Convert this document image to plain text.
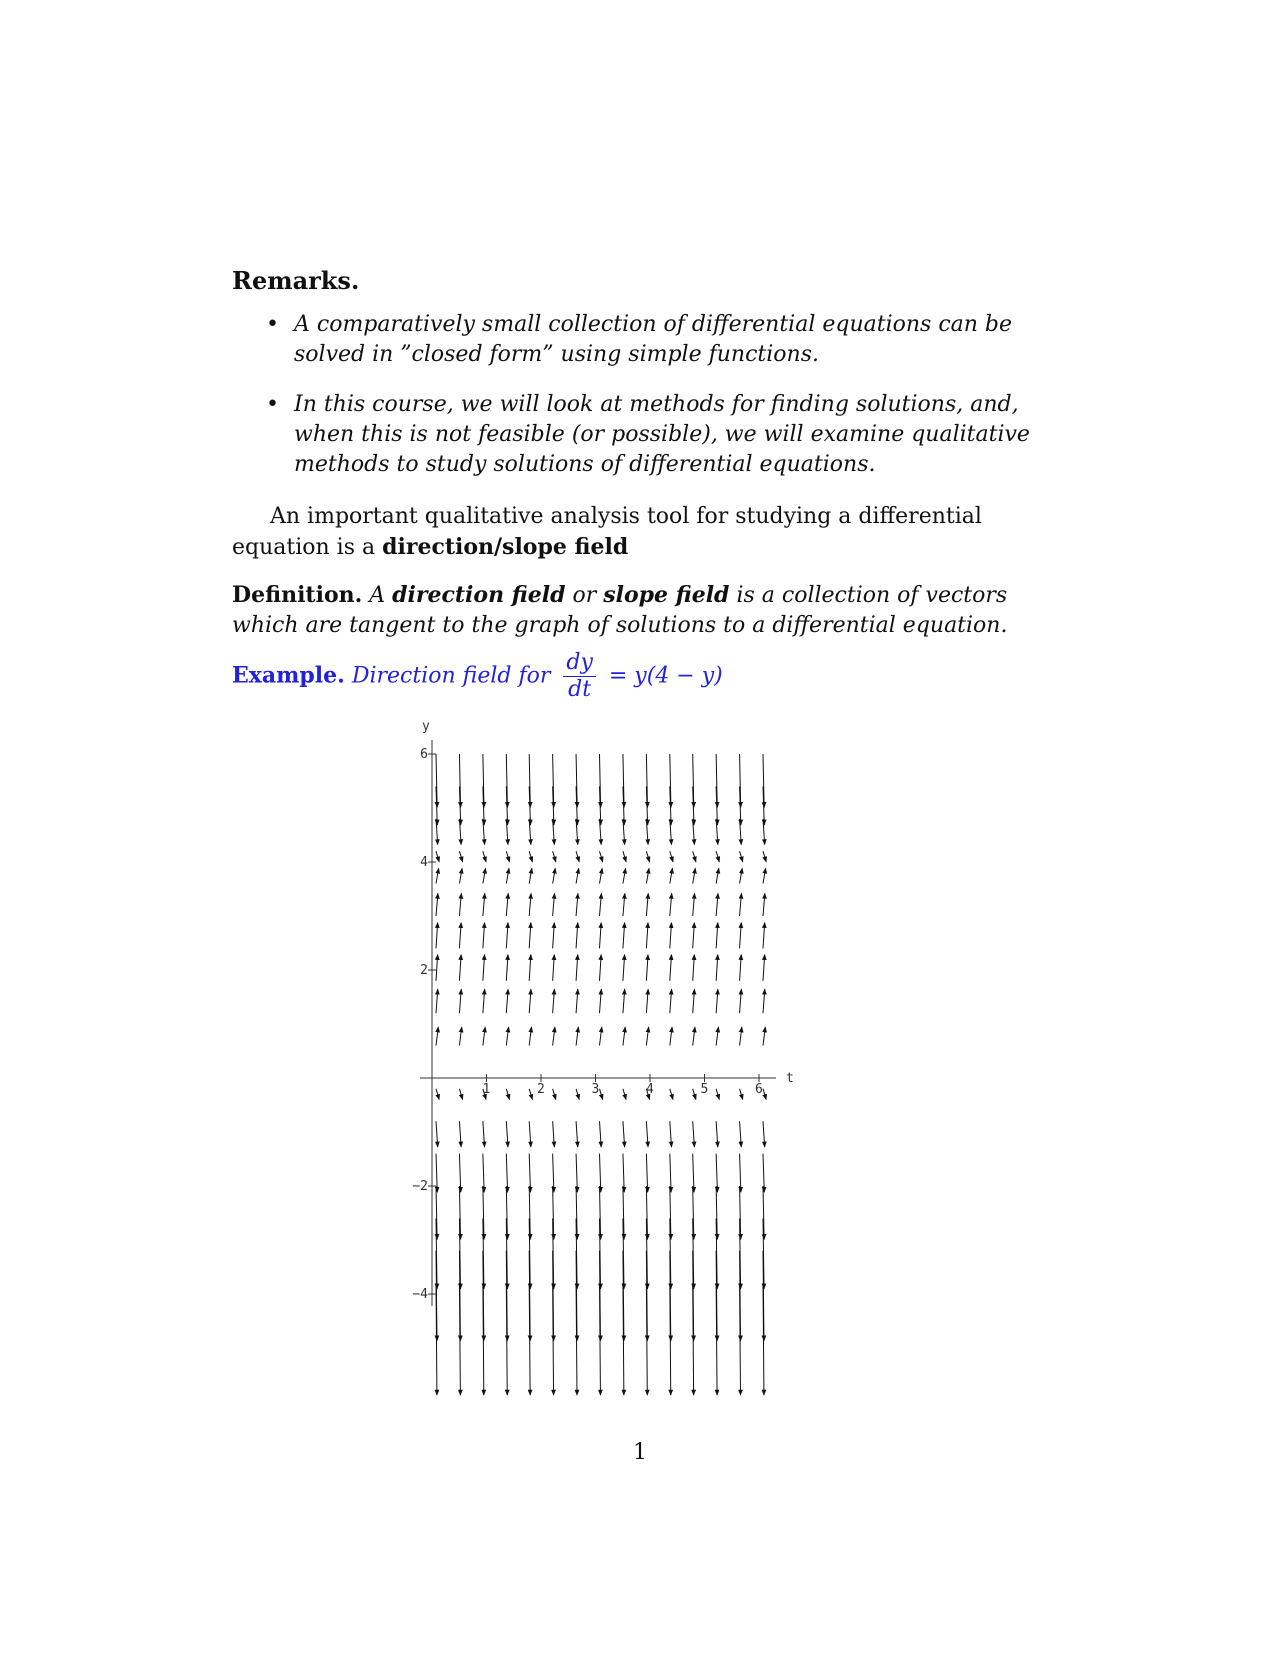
Remarks.
• A comparatively small collection of differential equations can be solved in ”closed form” using simple functions.
• In this course, we will look at methods for finding solutions, and, when this is not feasible (or possible), we will examine qualitative methods to study solutions of differential equations.
An important qualitative analysis tool for studying a differential equation is a direction/slope field
Definition. A direction field or slope field is a collection of vectors which are tangent to the graph of solutions to a differential equation.
Example. Direction field for $\frac{dy}{dt} = y(4 - y)$
1	2	3	4	5	6
6
4
2
−2
−4
t
y
1
